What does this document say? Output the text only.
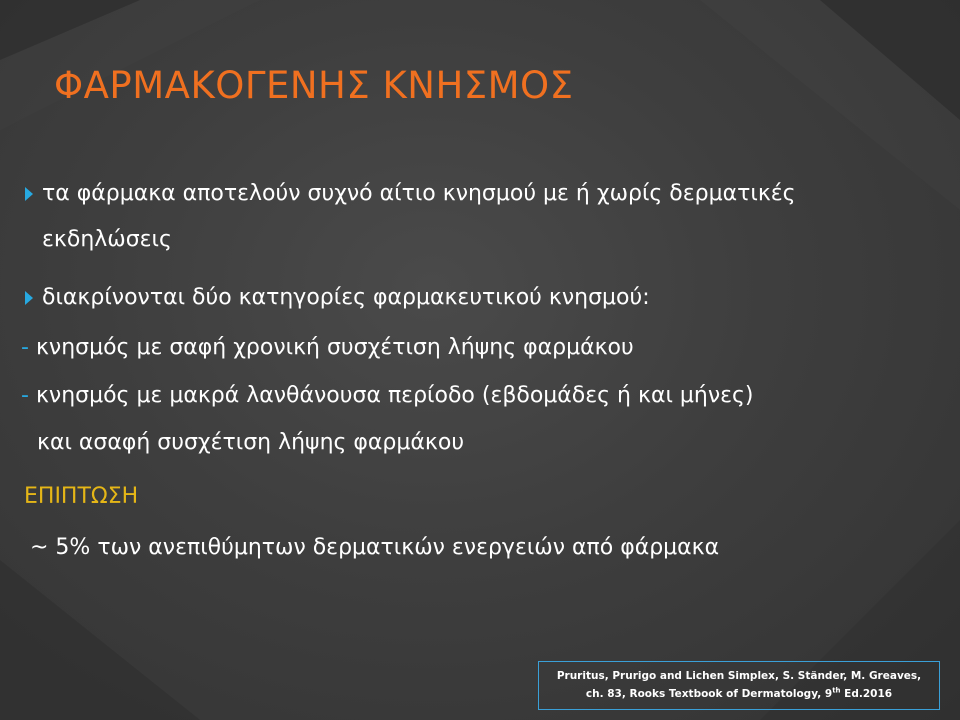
ΦΑΡΜΑΚΟΓΕΝΗΣ ΚΝΗΣΜΟΣ
τα φάρμακα αποτελούν συχνό αίτιο κνησμού με ή χωρίς δερματικές
εκδηλώσεις
διακρίνονται δύο κατηγορίες φαρμακευτικού κνησμού:
- κνησμός με σαφή χρονική συσχέτιση λήψης φαρμάκου
- κνησμός με μακρά λανθάνουσα περίοδο (εβδομάδες ή και μήνες)
και ασαφή συσχέτιση λήψης φαρμάκου
ΕΠΙΠΤΩΣΗ
~ 5% των ανεπιθύμητων δερματικών ενεργειών από φάρμακα
Pruritus, Prurigo and Lichen Simplex, S. Ständer, M. Greaves,
ch. 83, Rooks Textbook of Dermatology, 9th Ed.2016
